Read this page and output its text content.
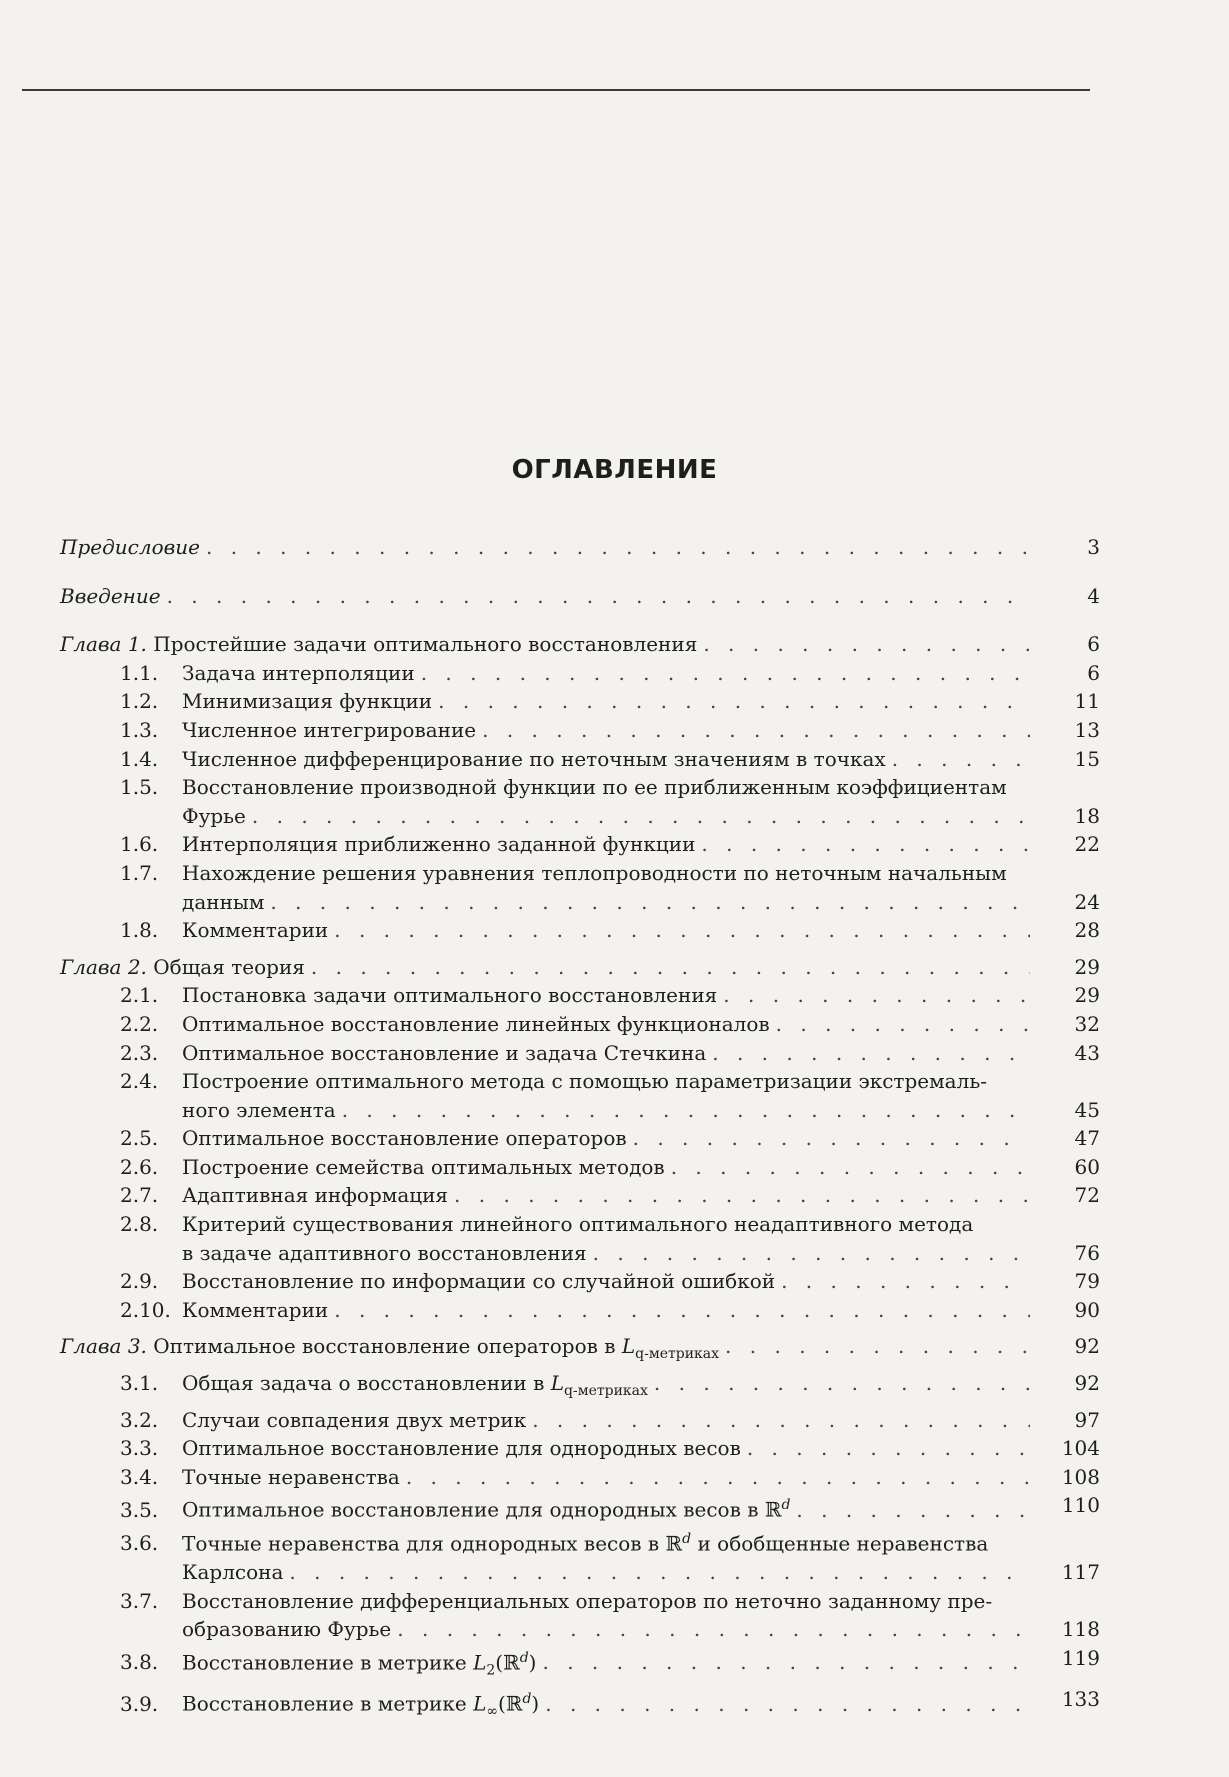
ОГЛАВЛЕНИЕ
Предисловие . . .	3
Введение . . .	4
Глава 1. Простейшие задачи оптимального восстановления . . .	6
1.1.	Задача интерполяции . . .	6
1.2.	Минимизация функции . . .	11
1.3.	Численное интегрирование . . .	13
1.4.	Численное дифференцирование по неточным значениям в точках . . .	15
1.5.	Восстановление производной функции по ее приближенным коэффициентам
Фурье . . .	18
1.6.	Интерполяция приближенно заданной функции . . .	22
1.7.	Нахождение решения уравнения теплопроводности по неточным начальным
данным . . .	24
1.8.	Комментарии . . .	28
Глава 2. Общая теория . . .	29
2.1.	Постановка задачи оптимального восстановления . . .	29
2.2.	Оптимальное восстановление линейных функционалов . . .	32
2.3.	Оптимальное восстановление и задача Стечкина . . .	43
2.4.	Построение оптимального метода с помощью параметризации экстремаль-
ного элемента . . .	45
2.5.	Оптимальное восстановление операторов . . .	47
2.6.	Построение семейства оптимальных методов . . .	60
2.7.	Адаптивная информация . . .	72
2.8.	Критерий существования линейного оптимального неадаптивного метода
в задаче адаптивного восстановления . . .	76
2.9.	Восстановление по информации со случайной ошибкой . . .	79
2.10. Комментарии . . .	90
Глава 3. Оптимальное восстановление операторов в $L_{q-метриках}$ . . .	92
3.1.	Общая задача о восстановлении в $L_{q-метриках}$ . . .	92
3.2.	Случаи совпадения двух метрик . . .	97
3.3.	Оптимальное восстановление для однородных весов . . .	104
3.4.	Точные неравенства . . .	108
3.5.	Оптимальное восстановление для однородных весов в ℝ$^d$ . . .	110
3.6.	Точные неравенства для однородных весов в ℝ$^d$ и обобщенные неравенства
Карлсона . . .	117
3.7.	Восстановление дифференциальных операторов по неточно заданному пре-
образованию Фурье . . .	118
3.8.	Восстановление в метрике $L_2(ℝ^d)$ . . .	119
3.9.	Восстановление в метрике $L_\infty(ℝ^d)$ . . .	133
